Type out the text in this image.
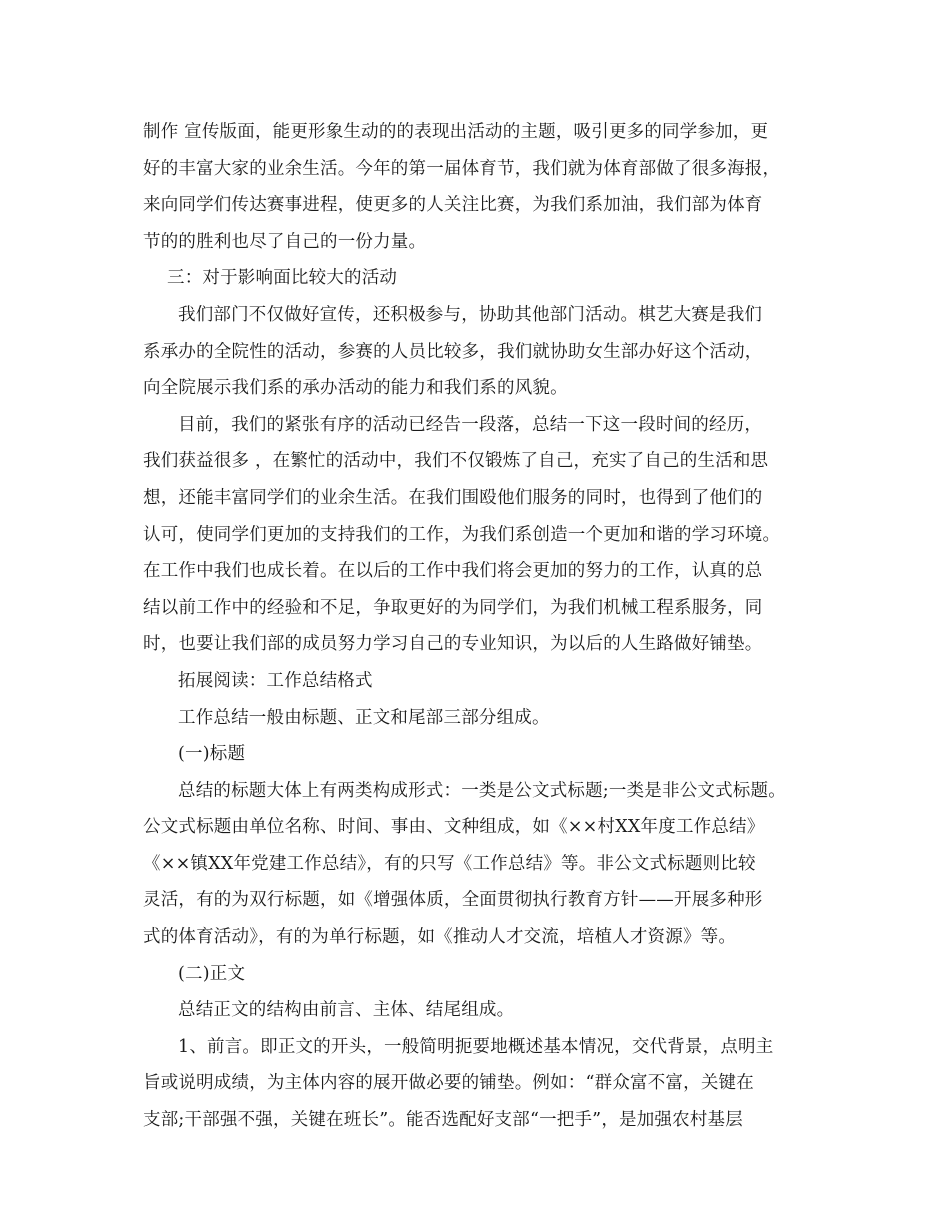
制作 宣传版面，能更形象生动的的表现出活动的主题，吸引更多的同学参加，更
好的丰富大家的业余生活。今年的第一届体育节，我们就为体育部做了很多海报，
来向同学们传达赛事进程，使更多的人关注比赛，为我们系加油，我们部为体育
节的的胜利也尽了自己的一份力量。
三：对于影响面比较大的活动
我们部门不仅做好宣传，还积极参与，协助其他部门活动。棋艺大赛是我们
系承办的全院性的活动，参赛的人员比较多，我们就协助女生部办好这个活动，
向全院展示我们系的承办活动的能力和我们系的风貌。
目前，我们的紧张有序的活动已经告一段落，总结一下这一段时间的经历，
我们获益很多 ，在繁忙的活动中，我们不仅锻炼了自己，充实了自己的生活和思
想，还能丰富同学们的业余生活。在我们围殴他们服务的同时，也得到了他们的
认可，使同学们更加的支持我们的工作，为我们系创造一个更加和谐的学习环境。
在工作中我们也成长着。在以后的工作中我们将会更加的努力的工作，认真的总
结以前工作中的经验和不足，争取更好的为同学们，为我们机械工程系服务，同
时，也要让我们部的成员努力学习自己的专业知识，为以后的人生路做好铺垫。
拓展阅读：工作总结格式
工作总结一般由标题、正文和尾部三部分组成。
(一)标题
总结的标题大体上有两类构成形式：一类是公文式标题;一类是非公文式标题。
公文式标题由单位名称、时间、事由、文种组成，如《××村XX年度工作总结》
《××镇XX年党建工作总结》，有的只写《工作总结》等。非公文式标题则比较
灵活，有的为双行标题，如《增强体质，全面贯彻执行教育方针——开展多种形
式的体育活动》，有的为单行标题，如《推动人才交流，培植人才资源》等。
(二)正文
总结正文的结构由前言、主体、结尾组成。
1、前言。即正文的开头，一般简明扼要地概述基本情况，交代背景，点明主
旨或说明成绩，为主体内容的展开做必要的铺垫。例如：“群众富不富，关键在
支部;干部强不强，关键在班长”。能否选配好支部“一把手”，是加强农村基层
